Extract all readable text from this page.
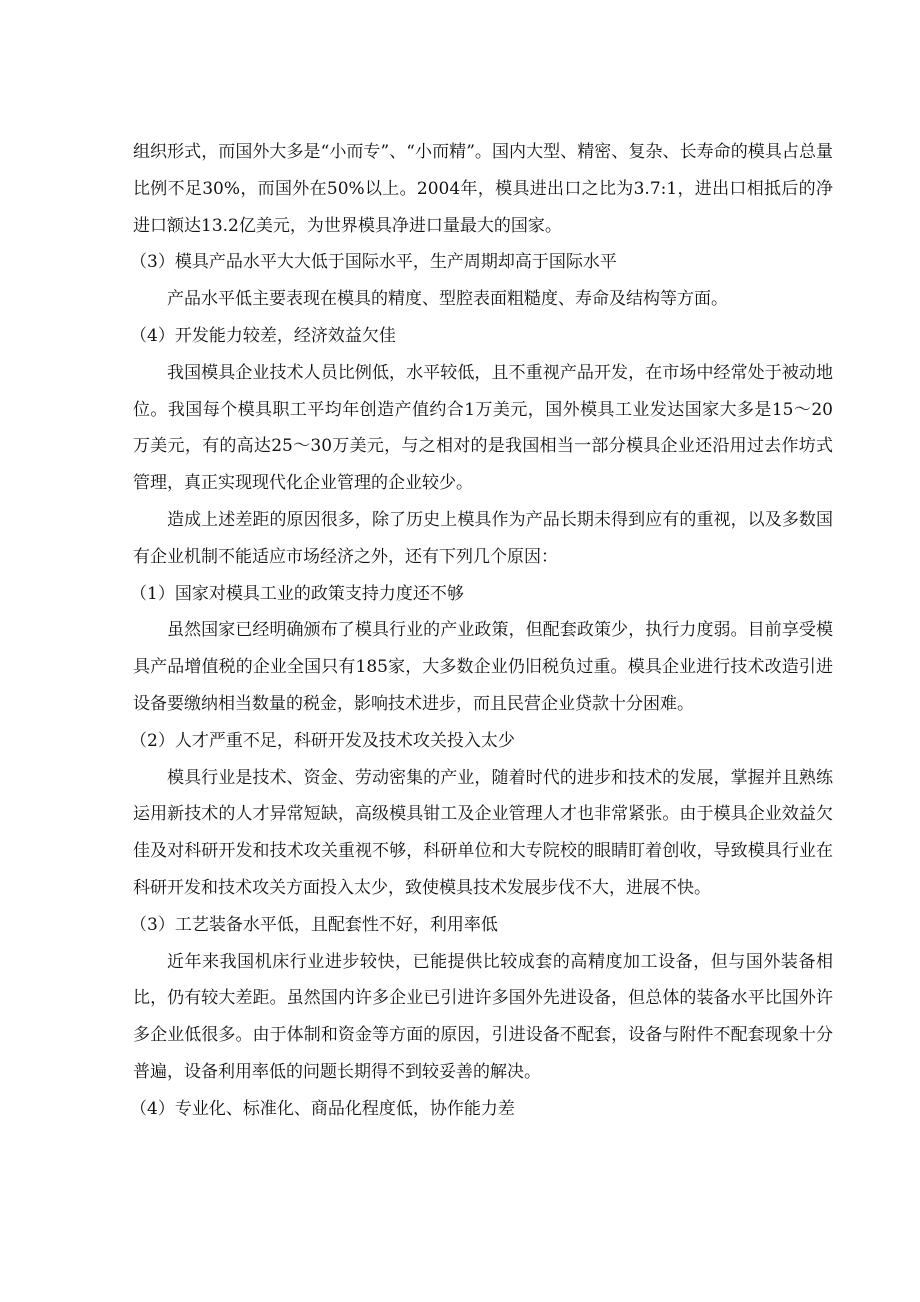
组织形式，而国外大多是“小而专”、“小而精”。国内大型、精密、复杂、长寿命的模具占总量比例不足30%，而国外在50%以上。2004年，模具进出口之比为3.7:1，进出口相抵后的净进口额达13.2亿美元，为世界模具净进口量最大的国家。

（3）模具产品水平大大低于国际水平，生产周期却高于国际水平

产品水平低主要表现在模具的精度、型腔表面粗糙度、寿命及结构等方面。

（4）开发能力较差，经济效益欠佳

我国模具企业技术人员比例低，水平较低，且不重视产品开发，在市场中经常处于被动地位。我国每个模具职工平均年创造产值约合1万美元，国外模具工业发达国家大多是15～20万美元，有的高达25～30万美元，与之相对的是我国相当一部分模具企业还沿用过去作坊式管理，真正实现现代化企业管理的企业较少。

造成上述差距的原因很多，除了历史上模具作为产品长期未得到应有的重视，以及多数国有企业机制不能适应市场经济之外，还有下列几个原因：

（1）国家对模具工业的政策支持力度还不够

虽然国家已经明确颁布了模具行业的产业政策，但配套政策少，执行力度弱。目前享受模具产品增值税的企业全国只有185家，大多数企业仍旧税负过重。模具企业进行技术改造引进设备要缴纳相当数量的税金，影响技术进步，而且民营企业贷款十分困难。

（2）人才严重不足，科研开发及技术攻关投入太少

模具行业是技术、资金、劳动密集的产业，随着时代的进步和技术的发展，掌握并且熟练运用新技术的人才异常短缺，高级模具钳工及企业管理人才也非常紧张。由于模具企业效益欠佳及对科研开发和技术攻关重视不够，科研单位和大专院校的眼睛盯着创收，导致模具行业在科研开发和技术攻关方面投入太少，致使模具技术发展步伐不大，进展不快。

（3）工艺装备水平低，且配套性不好，利用率低

近年来我国机床行业进步较快，已能提供比较成套的高精度加工设备，但与国外装备相比，仍有较大差距。虽然国内许多企业已引进许多国外先进设备，但总体的装备水平比国外许多企业低很多。由于体制和资金等方面的原因，引进设备不配套，设备与附件不配套现象十分普遍，设备利用率低的问题长期得不到较妥善的解决。

（4）专业化、标准化、商品化程度低，协作能力差
